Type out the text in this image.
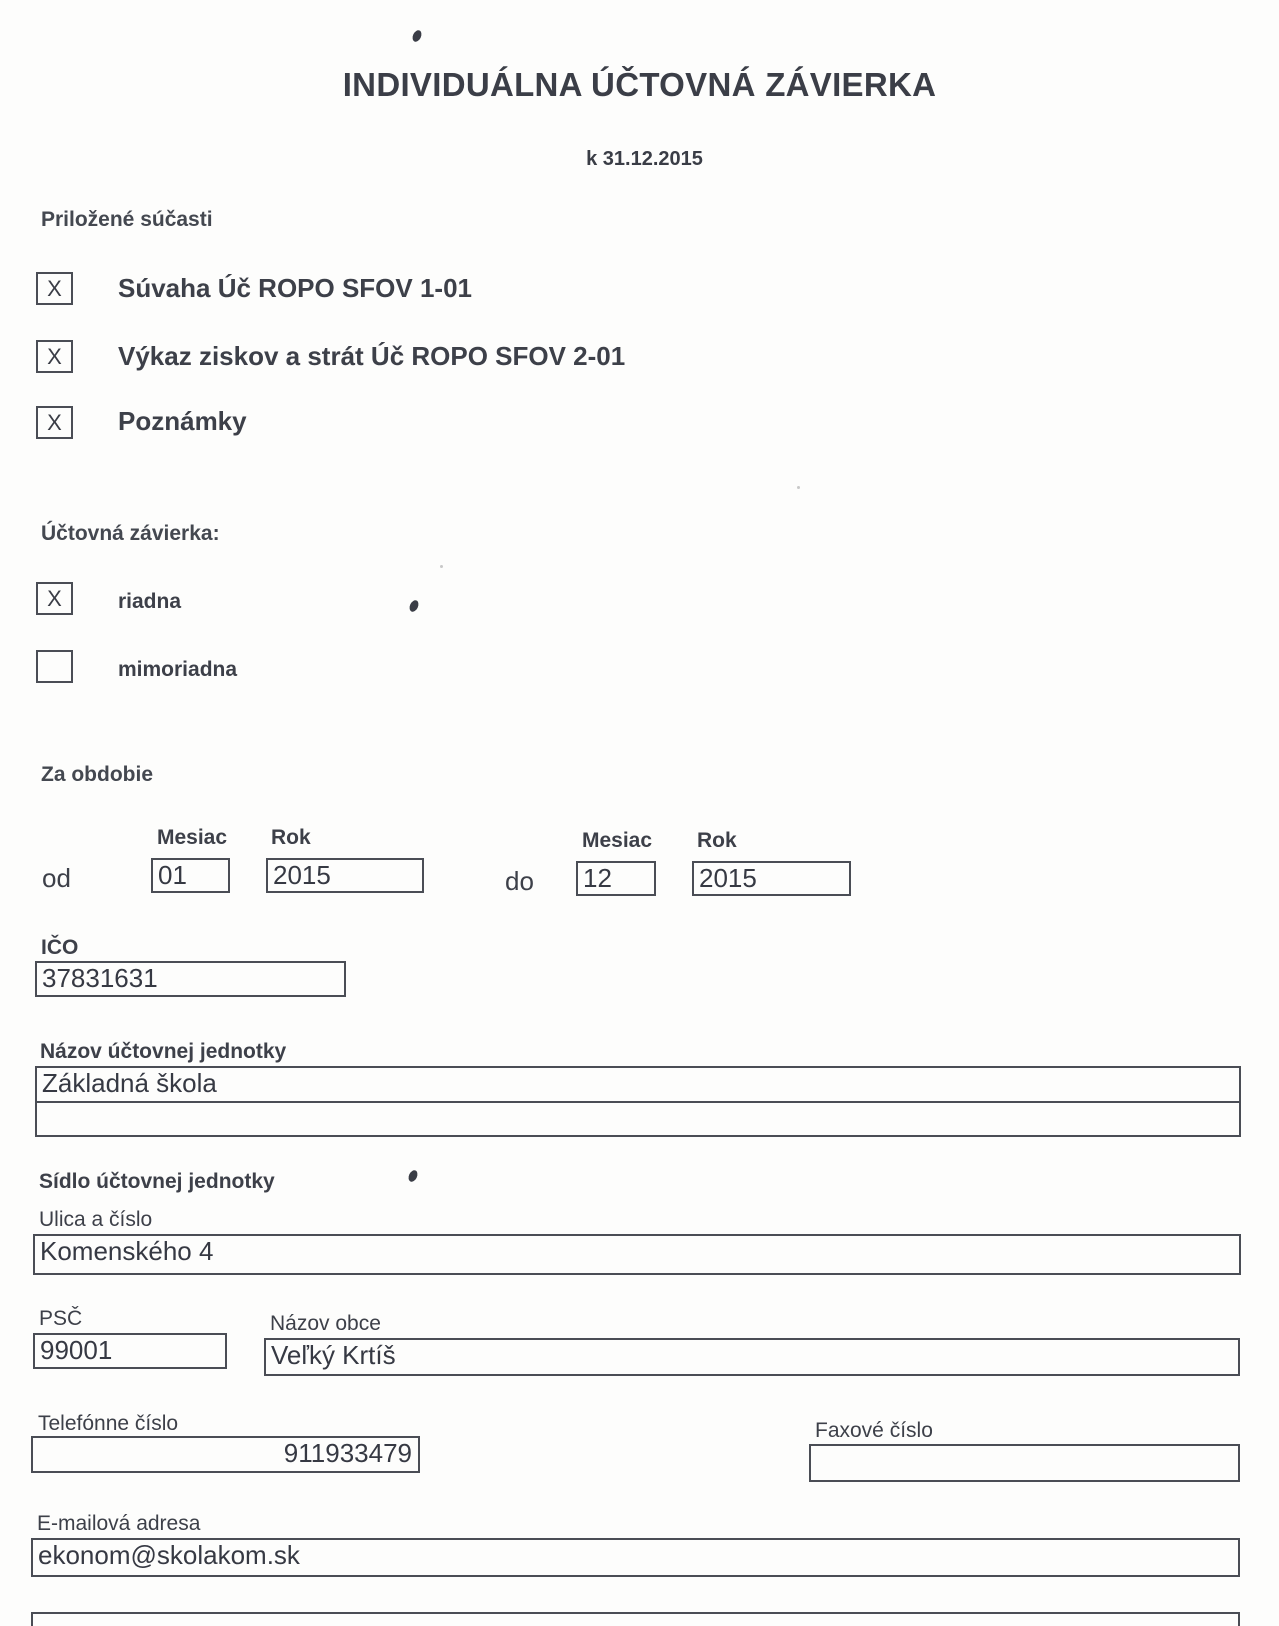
INDIVIDUÁLNA ÚČTOVNÁ ZÁVIERKA
k 31.12.2015
Priložené súčasti
X	Súvaha Úč ROPO SFOV 1-01
X	Výkaz ziskov a strát Úč ROPO SFOV 2-01
X	Poznámky
Účtovná závierka:
X	riadna
mimoriadna
Za obdobie
Mesiac Rok
od	01	2015
Mesiac Rok
do 12	2015
IČO
37831631
Názov účtovnej jednotky
Základná škola
Sídlo účtovnej jednotky
Ulica a číslo
Komenského 4
PSČ
99001
Názov obce
Veľký Krtíš
Telefónne číslo
911933479
Faxové číslo
E-mailová adresa
ekonom@skolakom.sk
